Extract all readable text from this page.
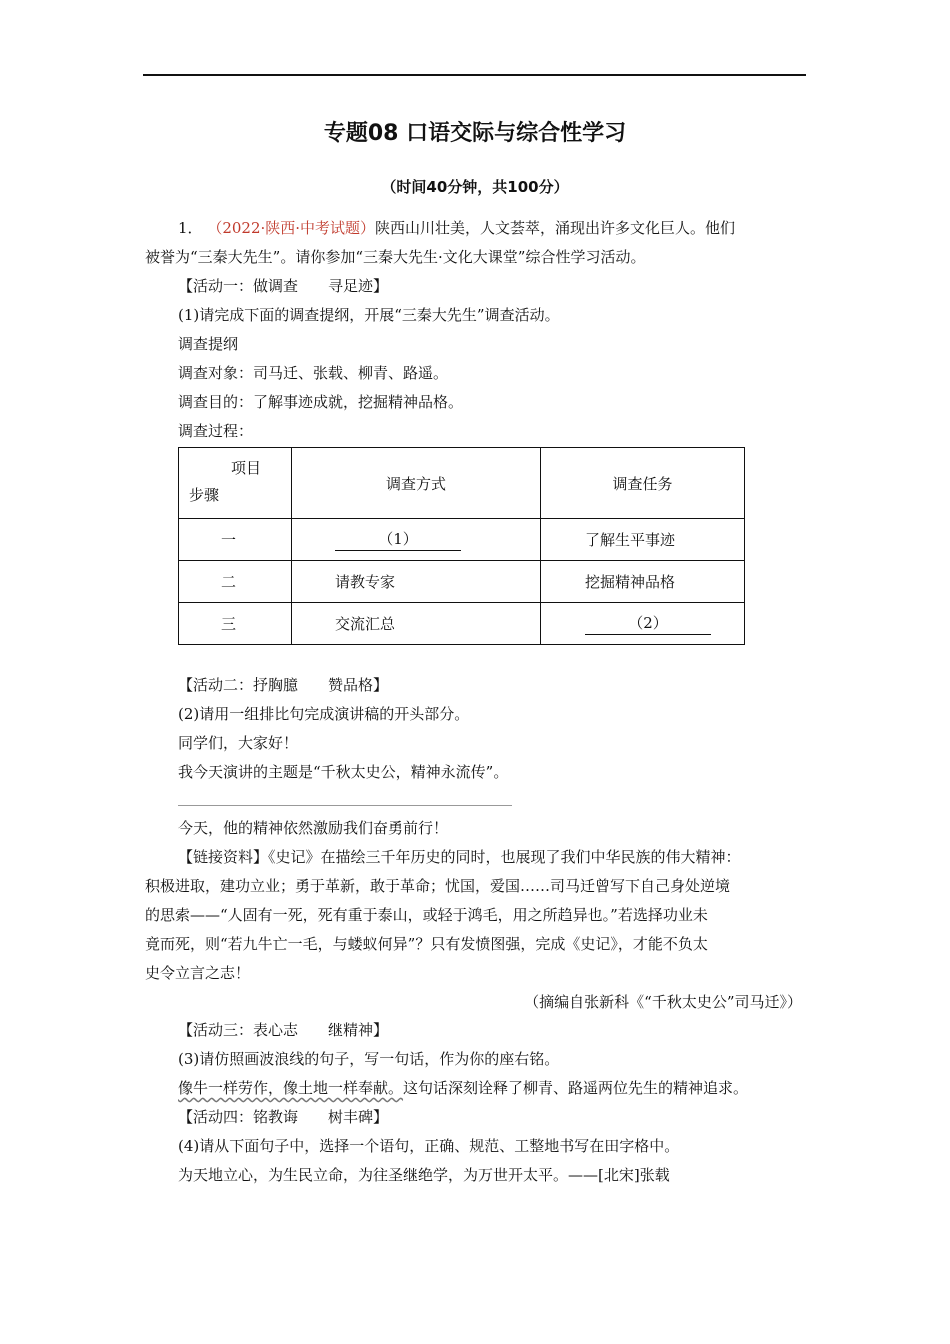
专题08 口语交际与综合性学习
（时间40分钟，共100分）
1． （2022·陕西·中考试题）陕西山川壮美，人文荟萃，涌现出许多文化巨人。他们
被誉为“三秦大先生”。请你参加“三秦大先生·文化大课堂”综合性学习活动。
【活动一：做调查　　寻足迹】
(1)请完成下面的调查提纲，开展“三秦大先生”调查活动。
调查提纲
调查对象：司马迁、张载、柳青、路遥。
调查目的：了解事迹成就，挖掘精神品格。
调查过程：
项目
步骤	调查方式	调查任务
一	（1）	了解生平事迹
二	请教专家	挖掘精神品格
三	交流汇总	（2）
【活动二：抒胸臆　　赞品格】
(2)请用一组排比句完成演讲稿的开头部分。
同学们，大家好！
我今天演讲的主题是“千秋太史公，精神永流传”。
今天，他的精神依然激励我们奋勇前行！
【链接资料】《史记》在描绘三千年历史的同时，也展现了我们中华民族的伟大精神：
积极进取，建功立业；勇于革新，敢于革命；忧国，爱国……司马迁曾写下自己身处逆境
的思索——“人固有一死，死有重于泰山，或轻于鸿毛，用之所趋异也。”若选择功业未
竟而死，则“若九牛亡一毛，与蝼蚁何异”？只有发愤图强，完成《史记》，才能不负太
史令立言之志！
（摘编自张新科《“千秋太史公”司马迁》）
【活动三：表心志　　继精神】
(3)请仿照画波浪线的句子，写一句话，作为你的座右铭。
像牛一样劳作，像土地一样奉献。这句话深刻诠释了柳青、路遥两位先生的精神追求。
【活动四：铭教诲　　树丰碑】
(4)请从下面句子中，选择一个语句，正确、规范、工整地书写在田字格中。
为天地立心，为生民立命，为往圣继绝学，为万世开太平。——[北宋]张载
